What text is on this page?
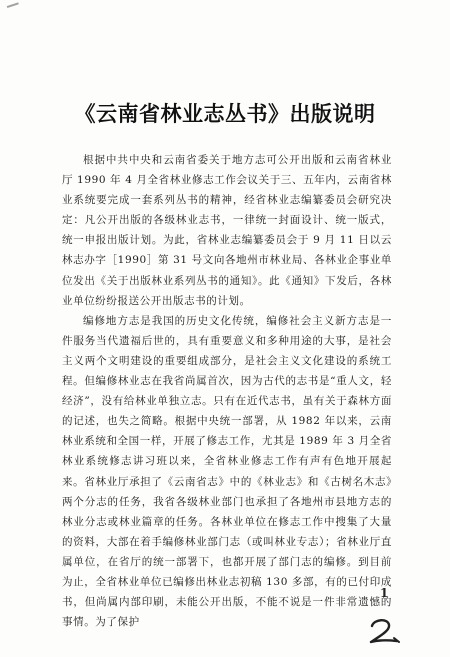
《云南省林业志丛书》出版说明

根据中共中央和云南省委关于地方志可公开出版和云南省林业厅 1990 年 4 月全省林业修志工作会议关于三、五年内，云南省林业系统要完成一套系列丛书的精神，经省林业志编纂委员会研究决定：凡公开出版的各级林业志书，一律统一封面设计、统一版式，统一申报出版计划。为此，省林业志编纂委员会于 9 月 11 日以云林志办字［1990］第 31 号文向各地州市林业局、各林业企事业单位发出《关于出版林业系列丛书的通知》。此《通知》下发后，各林业单位纷纷报送公开出版志书的计划。

编修地方志是我国的历史文化传统，编修社会主义新方志是一件服务当代遗福后世的，具有重要意义和多种用途的大事，是社会主义两个文明建设的重要组成部分，是社会主义文化建设的系统工程。但编修林业志在我省尚属首次，因为古代的志书是“重人文，轻经济”，没有给林业单独立志。只有在近代志书，虽有关于森林方面的记述，也失之简略。根据中央统一部署，从 1982 年以来，云南林业系统和全国一样，开展了修志工作，尤其是 1989 年 3 月全省林业系统修志讲习班以来，全省林业修志工作有声有色地开展起来。省林业厅承担了《云南省志》中的《林业志》和《古树名木志》两个分志的任务，我省各级林业部门也承担了各地州市县地方志的林业分志或林业篇章的任务。各林业单位在修志工作中搜集了大量的资料，大部在着手编修林业部门志（或叫林业专志）；省林业厅直属单位，在省厅的统一部署下，也都开展了部门志的编修。到目前为止，全省林业单位已编修出林业志初稿 130 多部，有的已付印成书，但尚属内部印刷，未能公开出版，不能不说是一件非常遗憾的事情。为了保护

1
